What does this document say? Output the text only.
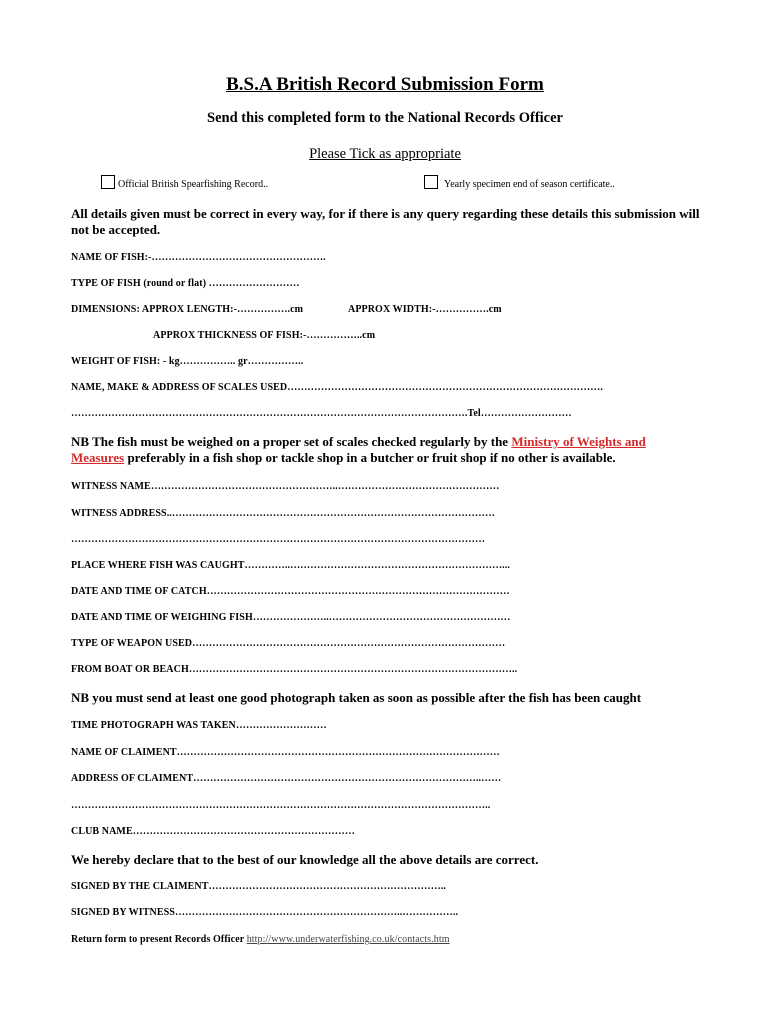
B.S.A British Record Submission Form
Send this completed form to the National Records Officer
Please Tick as appropriate
Official British Spearfishing Record..	Yearly specimen end of season certificate..
All details given must be correct in every way, for if there is any query regarding these details this submission will not be accepted.
NAME OF FISH:-…………………………………………….
TYPE OF FISH (round or flat) ………………………
DIMENSIONS: APPROX LENGTH:-…………….cm	APPROX WIDTH:-…………….cm
APPROX THICKNESS OF FISH:-……………..cm
WEIGHT OF FISH: - kg…………….. gr……………..
NAME, MAKE & ADDRESS OF SCALES USED………………………………………………………………………………….
……………………………………………………………………………………………………….Tel………………………
NB The fish must be weighed on a proper set of scales checked regularly by the Ministry of Weights and
Measures preferably in a fish shop or tackle shop in a butcher or fruit shop if no other is available.
WITNESS NAME………………………………………………..…………………………………………
WITNESS ADDRESS..……………………………………………………………………………………
……………………………………………………………………………………………………………
PLACE WHERE FISH WAS CAUGHT…………..………………………………………………………...
DATE AND TIME OF CATCH………………………………………………………………………………
DATE AND TIME OF WEIGHING FISH…………………..………………………………………………
TYPE OF WEAPON USED…………………………………………………………………………………
FROM BOAT OR BEACH……………………………………………………………………………………..
NB you must send at least one good photograph taken as soon as possible after the fish has been caught
TIME PHOTOGRAPH WAS TAKEN………………………
NAME OF CLAIMENT……………………………………………………………………………………
ADDRESS OF CLAIMENT…………………………………………………………………………..……
……………………………………………………………………………………………………………..
CLUB NAME…………………………………………………………
We hereby declare that to the best of our knowledge all the above details are correct.
SIGNED BY THE CLAIMENT……………………………………………………………..
SIGNED BY WITNESS…………………………………………………………..……………..
Return form to present Records Officer http://www.underwaterfishing.co.uk/contacts.htm
